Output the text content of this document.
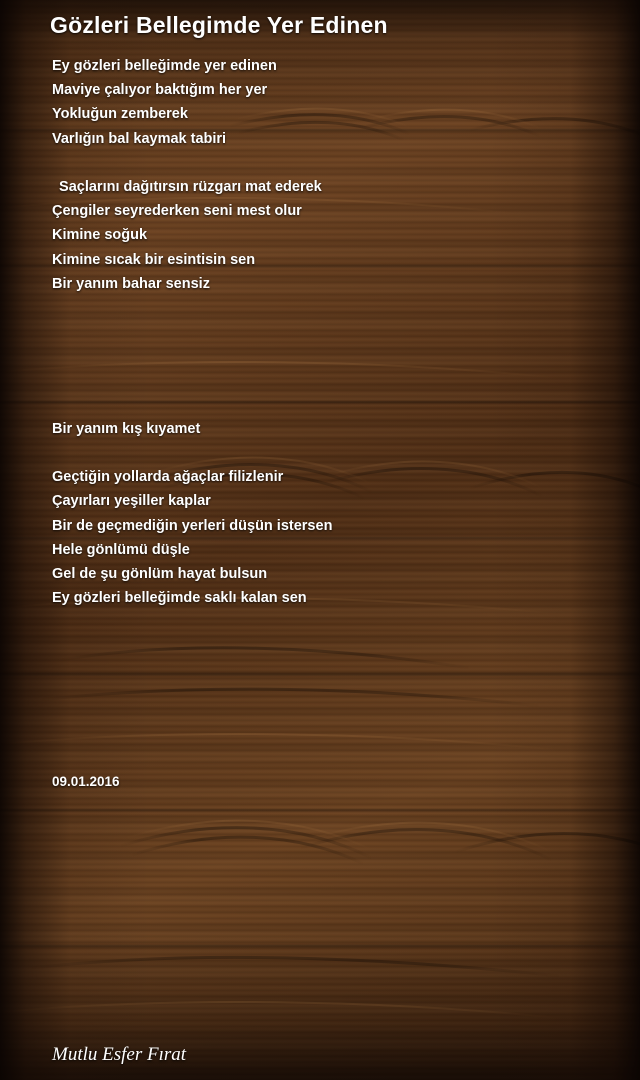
Gözleri Bellegimde Yer Edinen
Ey gözleri belleğimde yer edinen
Maviye çalıyor baktığım her yer
Yokluğun zemberek
Varlığın bal kaymak tabiri
Saçlarını dağıtırsın rüzgarı mat ederek
Çengiler seyrederken seni mest olur
Kimine soğuk
Kimine sıcak bir esintisin sen
Bir yanım bahar sensiz
Bir yanım kış kıyamet
Geçtiğin yollarda ağaçlar filizlenir
Çayırları yeşiller kaplar
Bir de geçmediğin yerleri düşün istersen
Hele gönlümü düşle
Gel de şu gönlüm hayat bulsun
Ey gözleri belleğimde saklı kalan sen
09.01.2016
Mutlu Esfer Fırat
